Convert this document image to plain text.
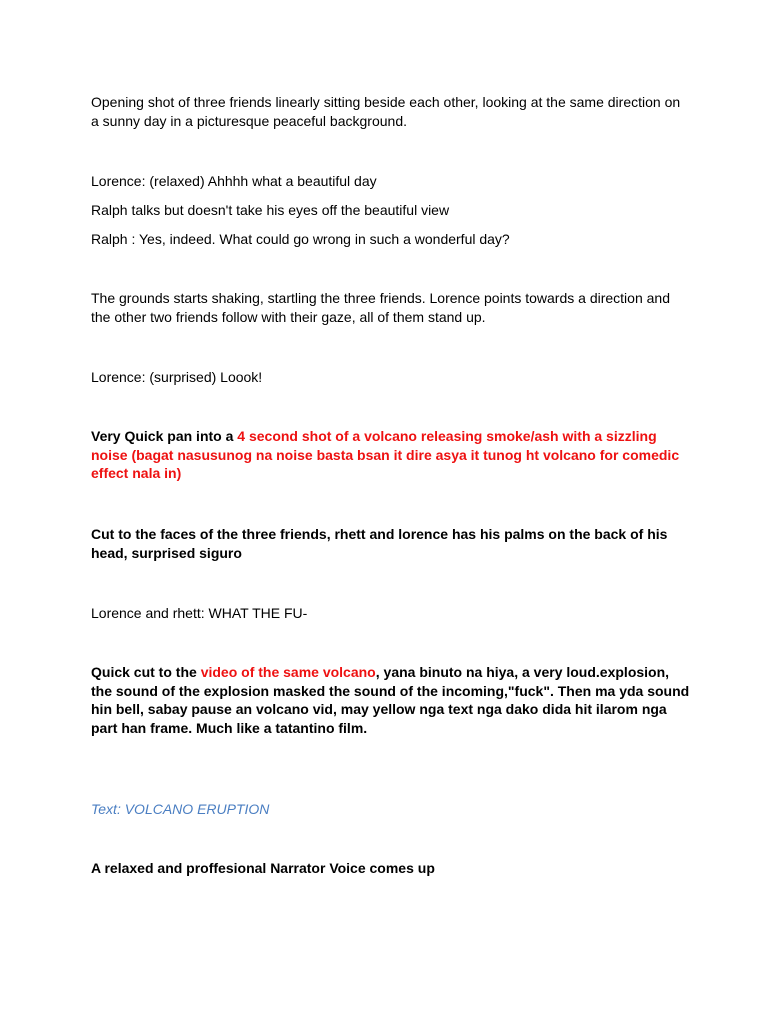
Opening shot of three friends linearly sitting beside each other, looking at the same direction on a sunny day in a picturesque peaceful background.

Lorence: (relaxed) Ahhhh what a beautiful day

Ralph talks but doesn't take his eyes off the beautiful view

Ralph : Yes, indeed. What could go wrong in such a wonderful day?

The grounds starts shaking, startling the three friends. Lorence points towards a direction and the other two friends follow with their gaze, all of them stand up.

Lorence: (surprised) Loook!

Very Quick pan into a 4 second shot of a volcano releasing smoke/ash with a sizzling noise (bagat nasusunog na noise basta bsan it dire asya it tunog ht volcano for comedic effect nala in)

Cut to the faces of the three friends, rhett and lorence has his palms on the back of his head, surprised siguro

Lorence and rhett: WHAT THE FU-

Quick cut to the video of the same volcano, yana binuto na hiya, a very loud.explosion, the sound of the explosion masked the sound of the incoming,"fuck". Then ma yda sound hin bell, sabay pause an volcano vid, may yellow nga text nga dako dida hit ilarom nga part han frame. Much like a tatantino film.

Text: VOLCANO ERUPTION

A relaxed and proffesional Narrator Voice comes up
